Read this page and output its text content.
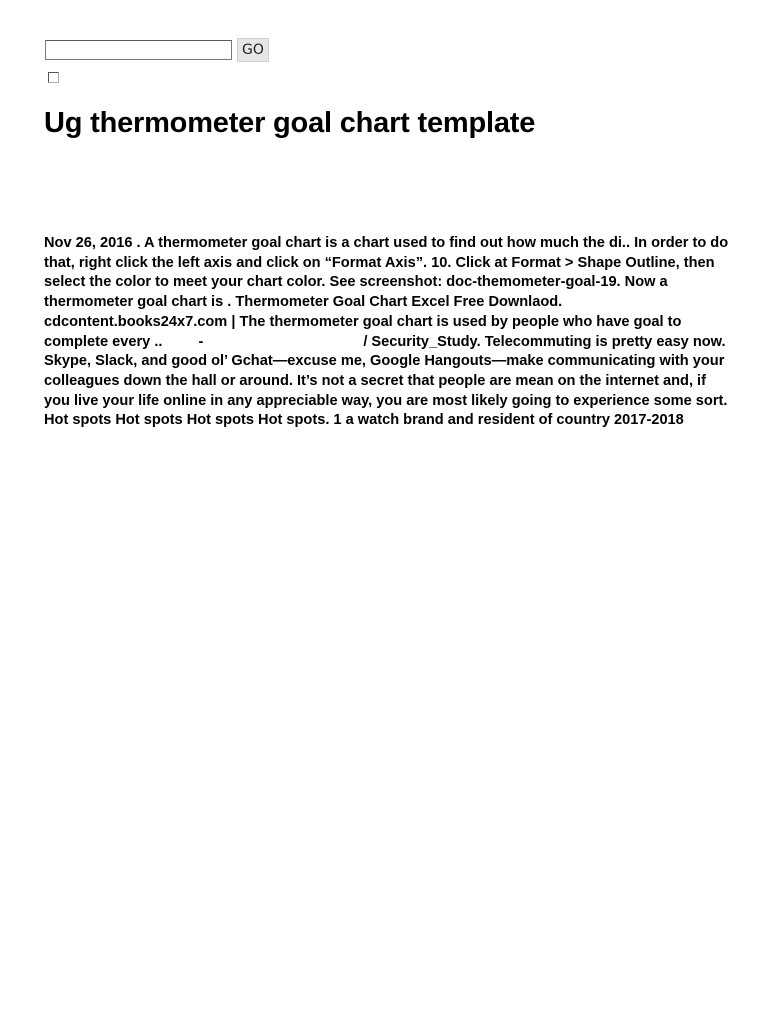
GO
Ug thermometer goal chart template

Nov 26, 2016 . A thermometer goal chart is a chart used to find out how much the di.. In order to do that, right click the left axis and click on “Format Axis”. 10. Click at Format > Shape Outline, then select the color to meet your chart color. See screenshot: doc-themometer-goal-19. Now a thermometer goal chart is . Thermometer Goal Chart Excel Free Downlaod. cdcontent.books24x7.com | The thermometer goal chart is used by people who have goal to complete every .. -	/ Security_Study. Telecommuting is pretty easy now. Skype, Slack, and good ol’ Gchat—excuse me, Google Hangouts—make communicating with your colleagues down the hall or around. It’s not a secret that people are mean on the internet and, if you live your life online in any appreciable way, you are most likely going to experience some sort. Hot spots Hot spots Hot spots Hot spots. 1 a watch brand and resident of country 2017-2018
